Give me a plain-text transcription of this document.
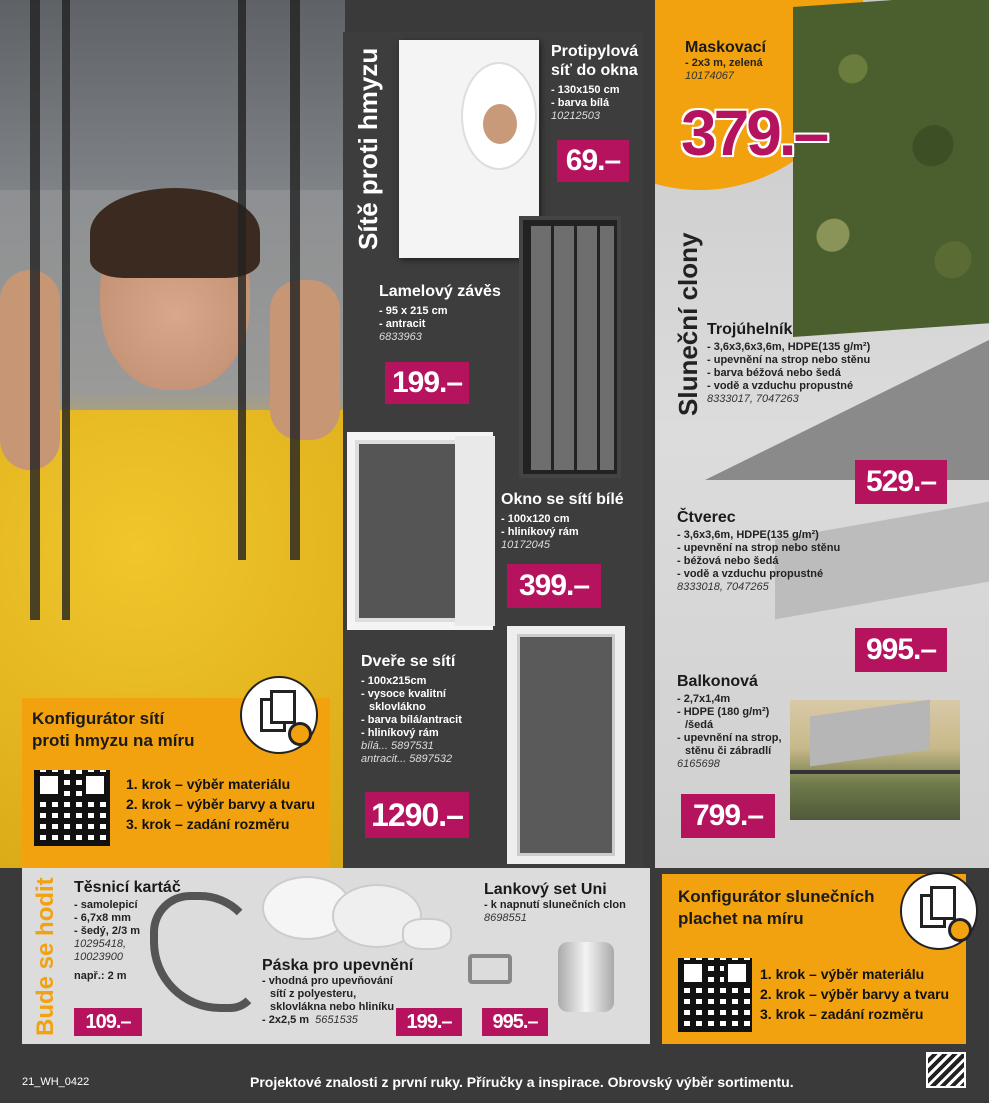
Konfigurátor sítí
proti hmyzu na míru
1. krok – výběr materiálu
2. krok – výběr barvy a tvaru
3. krok – zadání rozměru
Sítě proti hmyzu	Protipylová
síť do okna
- 130x150 cm
- barva bílá
10212503
69.–
Lamelový závěs
- 95 x 215 cm
- antracit
6833963
199.–
Okno se sítí bílé
- 100x120 cm
- hliníkový rám
10172045
399.–
Dveře se sítí
- 100x215cm
- vysoce kvalitní
sklovlákno
- barva bílá/antracit
- hliníkový rám
bílá... 5897531
antracit... 5897532
1290.–
Sluneční clony
Maskovací
- 2x3 m, zelená
10174067
379.–
Trojúhelník
- 3,6x3,6x3,6m, HDPE(135 g/m²)
- upevnění na strop nebo stěnu
- barva béžová nebo šedá
- vodě a vzduchu propustné
8333017, 7047263
529.–
Čtverec
- 3,6x3,6m, HDPE(135 g/m²)
- upevnění na strop nebo stěnu
- béžová nebo šedá
- vodě a vzduchu propustné
8333018, 7047265
995.–
Balkonová
- 2,7x1,4m
- HDPE (180 g/m²)
/šedá
- upevnění na strop,
stěnu či zábradlí
6165698
799.–
Bude se hodit Těsnicí kartáč
- samolepicí
- 6,7x8 mm
- šedý, 2/3 m
10295418,
10023900
např.: 2 m
109.–
Páska pro upevnění
- vhodná pro upevňování
sítí z polyesteru,
sklovlákna nebo hliníku
- 2x2,5 m 5651535	199.–
Lankový set Uni
- k napnutí slunečních clon
8698551
995.–
Konfigurátor slunečních
plachet na míru
1. krok – výběr materiálu
2. krok – výběr barvy a tvaru
3. krok – zadání rozměru
21_WH_0422	Projektové znalosti z první ruky. Příručky a inspirace. Obrovský výběr sortimentu.
